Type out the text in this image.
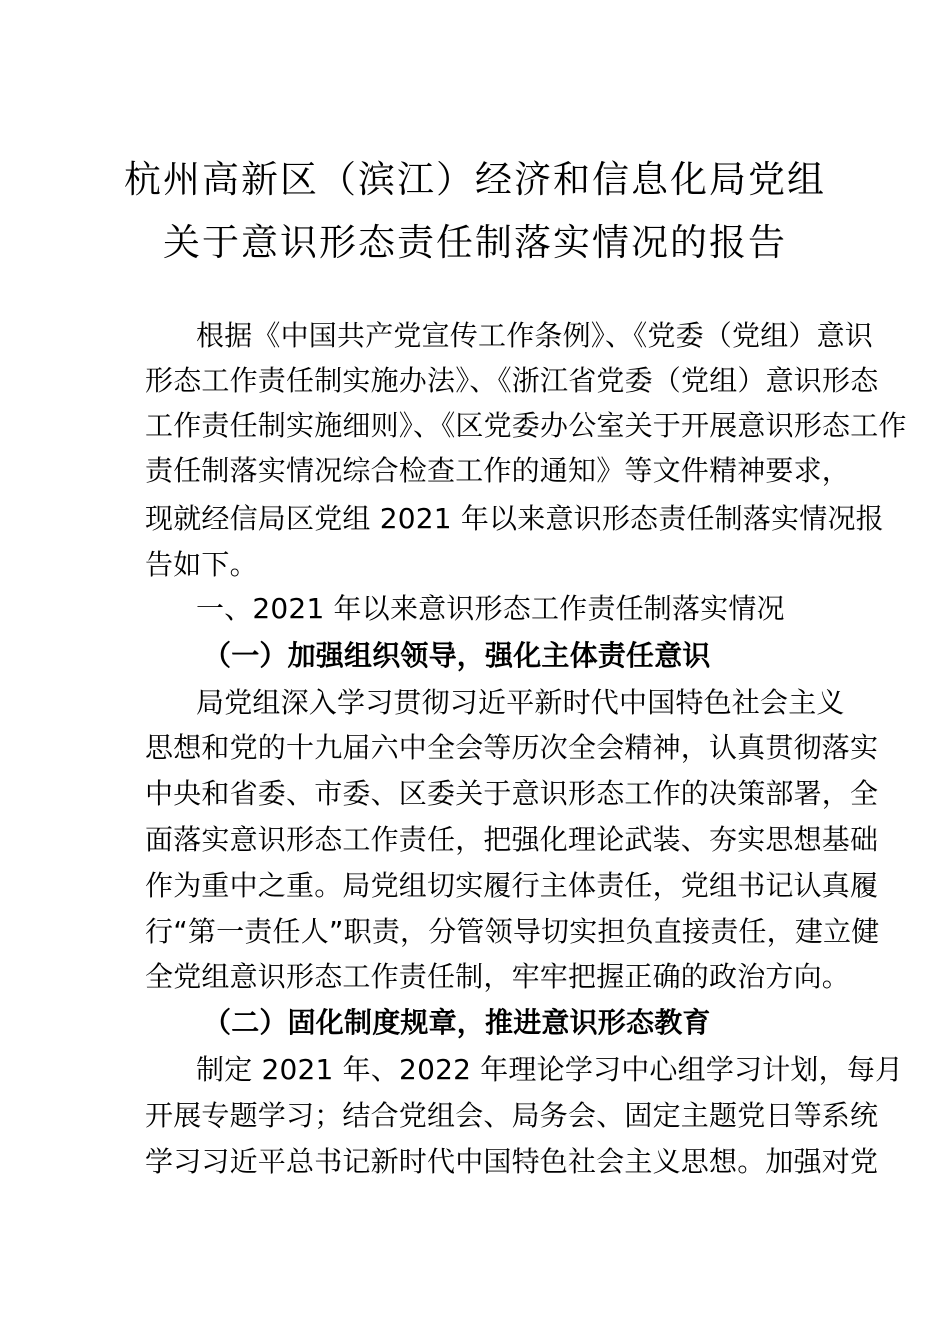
杭州高新区（滨江）经济和信息化局党组
关于意识形态责任制落实情况的报告
根据《中国共产党宣传工作条例》、《党委（党组）意识
形态工作责任制实施办法》、《浙江省党委（党组）意识形态
工作责任制实施细则》、《区党委办公室关于开展意识形态工作
责任制落实情况综合检查工作的通知》等文件精神要求，
现就经信局区党组 2021 年以来意识形态责任制落实情况报
告如下。
一、2021 年以来意识形态工作责任制落实情况
（一）加强组织领导，强化主体责任意识
局党组深入学习贯彻习近平新时代中国特色社会主义
思想和党的十九届六中全会等历次全会精神，认真贯彻落实
中央和省委、市委、区委关于意识形态工作的决策部署，全
面落实意识形态工作责任，把强化理论武装、夯实思想基础
作为重中之重。局党组切实履行主体责任，党组书记认真履
行“第一责任人”职责，分管领导切实担负直接责任，建立健
全党组意识形态工作责任制，牢牢把握正确的政治方向。
（二）固化制度规章，推进意识形态教育
制定 2021 年、2022 年理论学习中心组学习计划，每月
开展专题学习；结合党组会、局务会、固定主题党日等系统
学习习近平总书记新时代中国特色社会主义思想。加强对党
